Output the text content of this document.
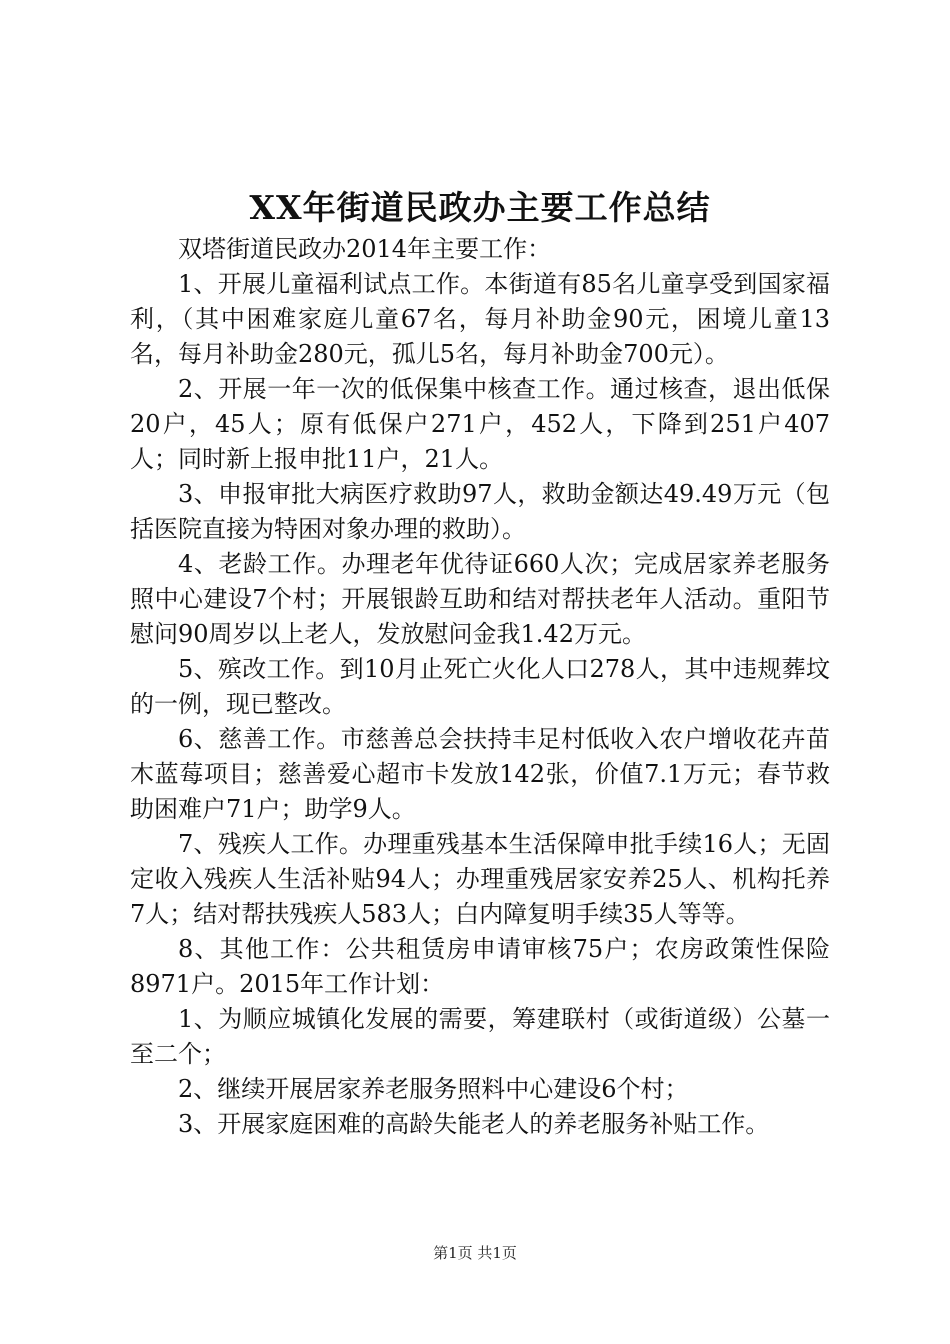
XX年街道民政办主要工作总结

双塔街道民政办2014年主要工作：

1、开展儿童福利试点工作。本街道有85名儿童享受到国家福利，（其中困难家庭儿童67名，每月补助金90元，困境儿童13名，每月补助金280元，孤儿5名，每月补助金700元）。

2、开展一年一次的低保集中核查工作。通过核查，退出低保20户，45人；原有低保户271户，452人，下降到251户407人；同时新上报申批11户，21人。

3、申报审批大病医疗救助97人，救助金额达49.49万元（包括医院直接为特困对象办理的救助）。

4、老龄工作。办理老年优待证660人次；完成居家养老服务照中心建设7个村；开展银龄互助和结对帮扶老年人活动。重阳节慰问90周岁以上老人，发放慰问金我1.42万元。

5、殡改工作。到10月止死亡火化人口278人，其中违规葬坟的一例，现已整改。

6、慈善工作。市慈善总会扶持丰足村低收入农户增收花卉苗木蓝莓项目；慈善爱心超市卡发放142张，价值7.1万元；春节救助困难户71户；助学9人。

7、残疾人工作。办理重残基本生活保障申批手续16人；无固定收入残疾人生活补贴94人；办理重残居家安养25人、机构托养7人；结对帮扶残疾人583人；白内障复明手续35人等等。

8、其他工作：公共租赁房申请审核75户；农房政策性保险8971户。2015年工作计划：

1、为顺应城镇化发展的需要，筹建联村（或街道级）公墓一至二个；

2、继续开展居家养老服务照料中心建设6个村；

3、开展家庭困难的高龄失能老人的养老服务补贴工作。

第1页 共1页
